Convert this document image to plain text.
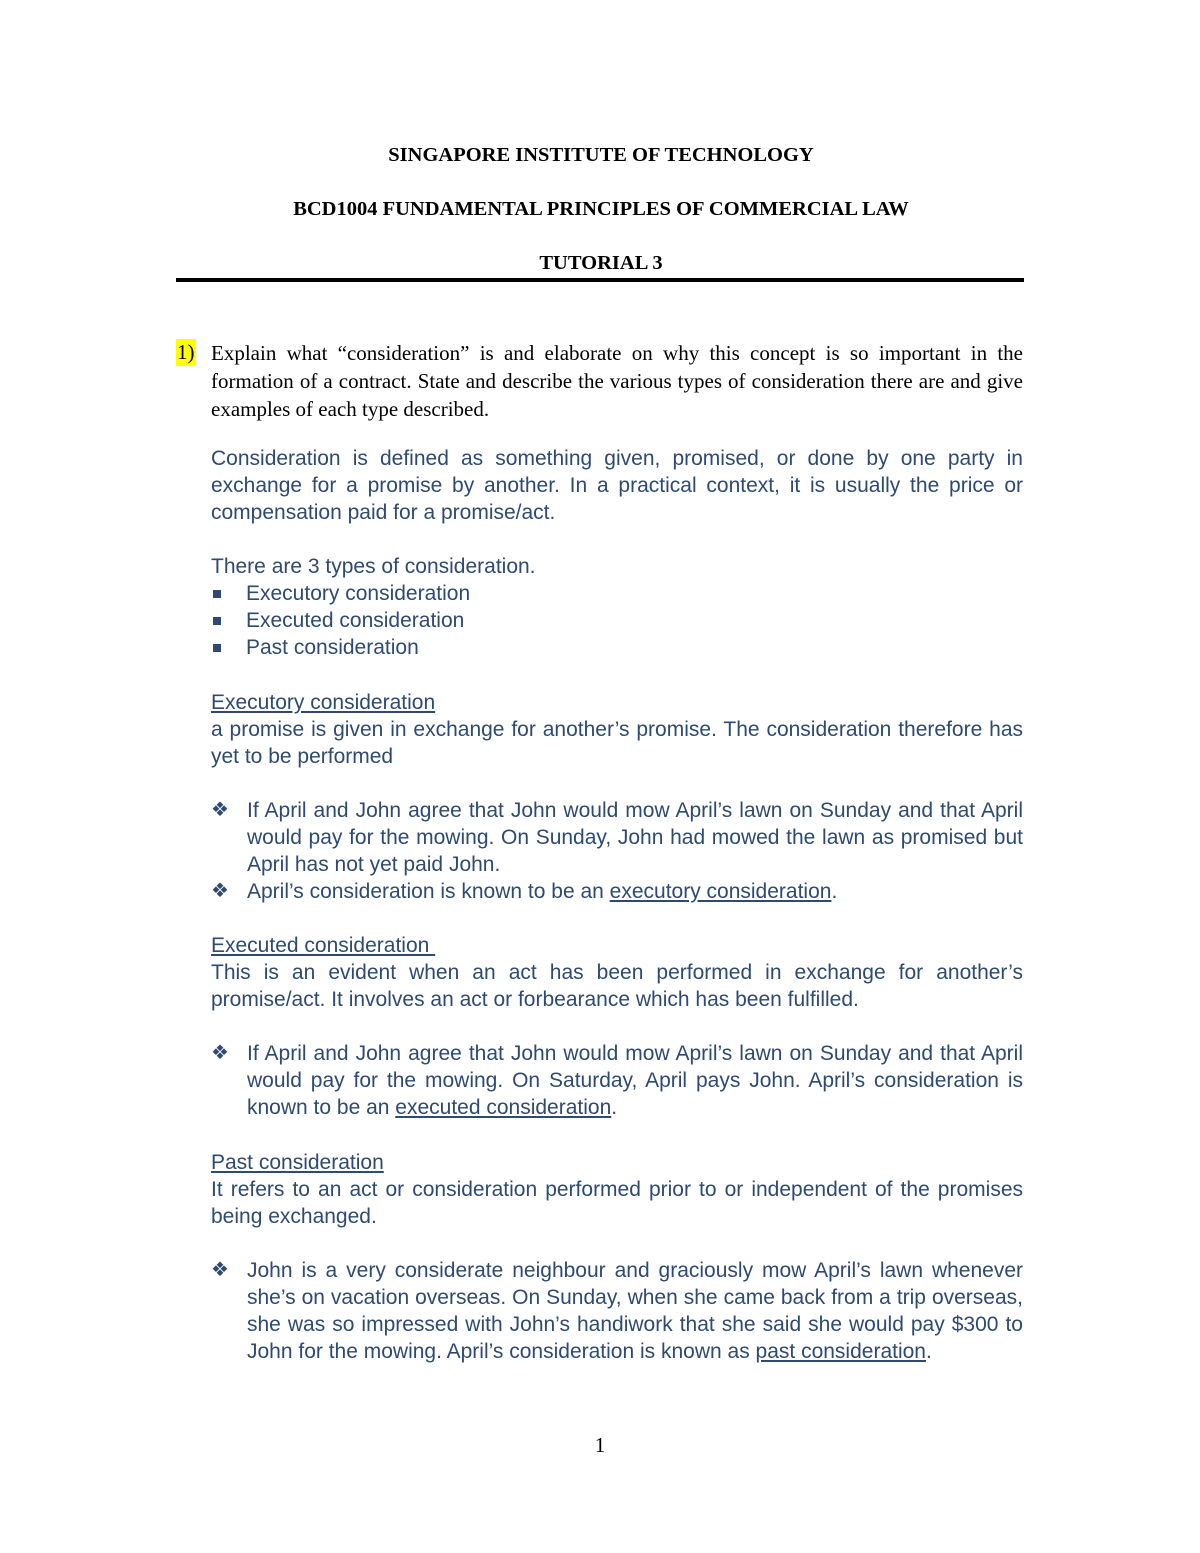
SINGAPORE INSTITUTE OF TECHNOLOGY

BCD1004 FUNDAMENTAL PRINCIPLES OF COMMERCIAL LAW

TUTORIAL 3

1) Explain what “consideration” is and elaborate on why this concept is so important in the formation of a contract. State and describe the various types of consideration there are and give examples of each type described.

Consideration is defined as something given, promised, or done by one party in exchange for a promise by another. In a practical context, it is usually the price or compensation paid for a promise/act.

There are 3 types of consideration.

Executory consideration
Executed consideration
Past consideration

Executory consideration

a promise is given in exchange for another’s promise. The consideration therefore has yet to be performed

❖ If April and John agree that John would mow April’s lawn on Sunday and that April would pay for the mowing. On Sunday, John had mowed the lawn as promised but April has not yet paid John.
❖ April’s consideration is known to be an executory consideration.

Executed consideration

This is an evident when an act has been performed in exchange for another’s promise/act. It involves an act or forbearance which has been fulfilled.

❖ If April and John agree that John would mow April’s lawn on Sunday and that April would pay for the mowing. On Saturday, April pays John. April’s consideration is known to be an executed consideration.

Past consideration

It refers to an act or consideration performed prior to or independent of the promises being exchanged.

❖ John is a very considerate neighbour and graciously mow April’s lawn whenever she’s on vacation overseas. On Sunday, when she came back from a trip overseas, she was so impressed with John’s handiwork that she said she would pay $300 to John for the mowing. April’s consideration is known as past consideration.
1
